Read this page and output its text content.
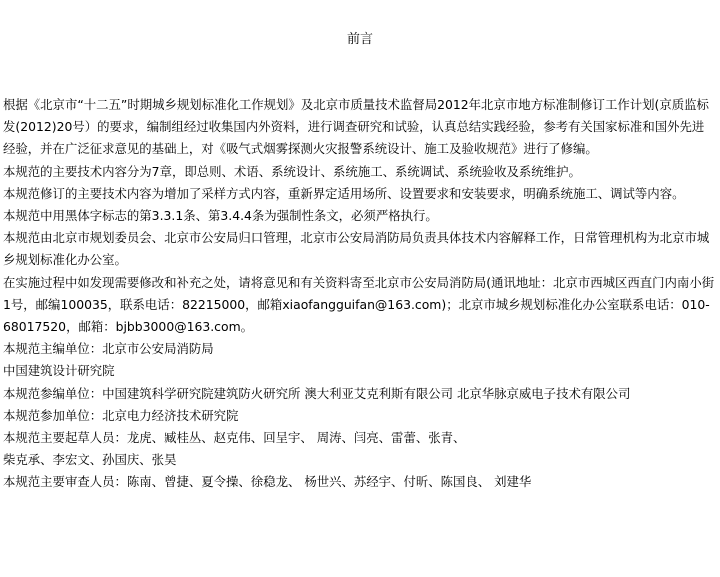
前言

根据《北京市“十二五”时期城乡规划标准化工作规划》及北京市质量技术监督局2012年北京市地方标准制修订工作计划(京质监标发(2012)20号）的要求，编制组经过收集国内外资料，进行调查研究和试验，认真总结实践经验，参考有关国家标准和国外先进经验，并在广泛征求意见的基础上，对《吸气式烟雾探测火灾报警系统设计、施工及验收规范》进行了修编。

本规范的主要技术内容分为7章，即总则、术语、系统设计、系统施工、系统调试、系统验收及系统维护。

本规范修订的主要技术内容为增加了采样方式内容，重新界定适用场所、设置要求和安装要求，明确系统施工、调试等内容。

本规范中用黑体字标志的第3.3.1条、第3.4.4条为强制性条文，必须严格执行。

本规范由北京市规划委员会、北京市公安局归口管理，北京市公安局消防局负责具体技术内容解释工作，日常管理机构为北京市城乡规划标准化办公室。

在实施过程中如发现需要修改和补充之处，请将意见和有关资料寄至北京市公安局消防局(通讯地址：北京市西城区西直门内南小街1号，邮编100035，联系电话：82215000，邮箱xiaofangguifan@163.com)；北京市城乡规划标准化办公室联系电话：010-68017520，邮箱：bjbb3000@163.com。

本规范主编单位：北京市公安局消防局

中国建筑设计研究院

本规范参编单位：中国建筑科学研究院建筑防火研究所 澳大利亚艾克利斯有限公司 北京华脉京威电子技术有限公司

本规范参加单位：北京电力经济技术研究院

本规范主要起草人员：龙虎、臧桂丛、赵克伟、回呈宇、 周涛、闫亮、雷蕾、张青、

柴克承、李宏文、孙国庆、张昊

本规范主要审查人员：陈南、曾捷、夏令操、徐稳龙、 杨世兴、苏经宇、付昕、陈国良、 刘建华
